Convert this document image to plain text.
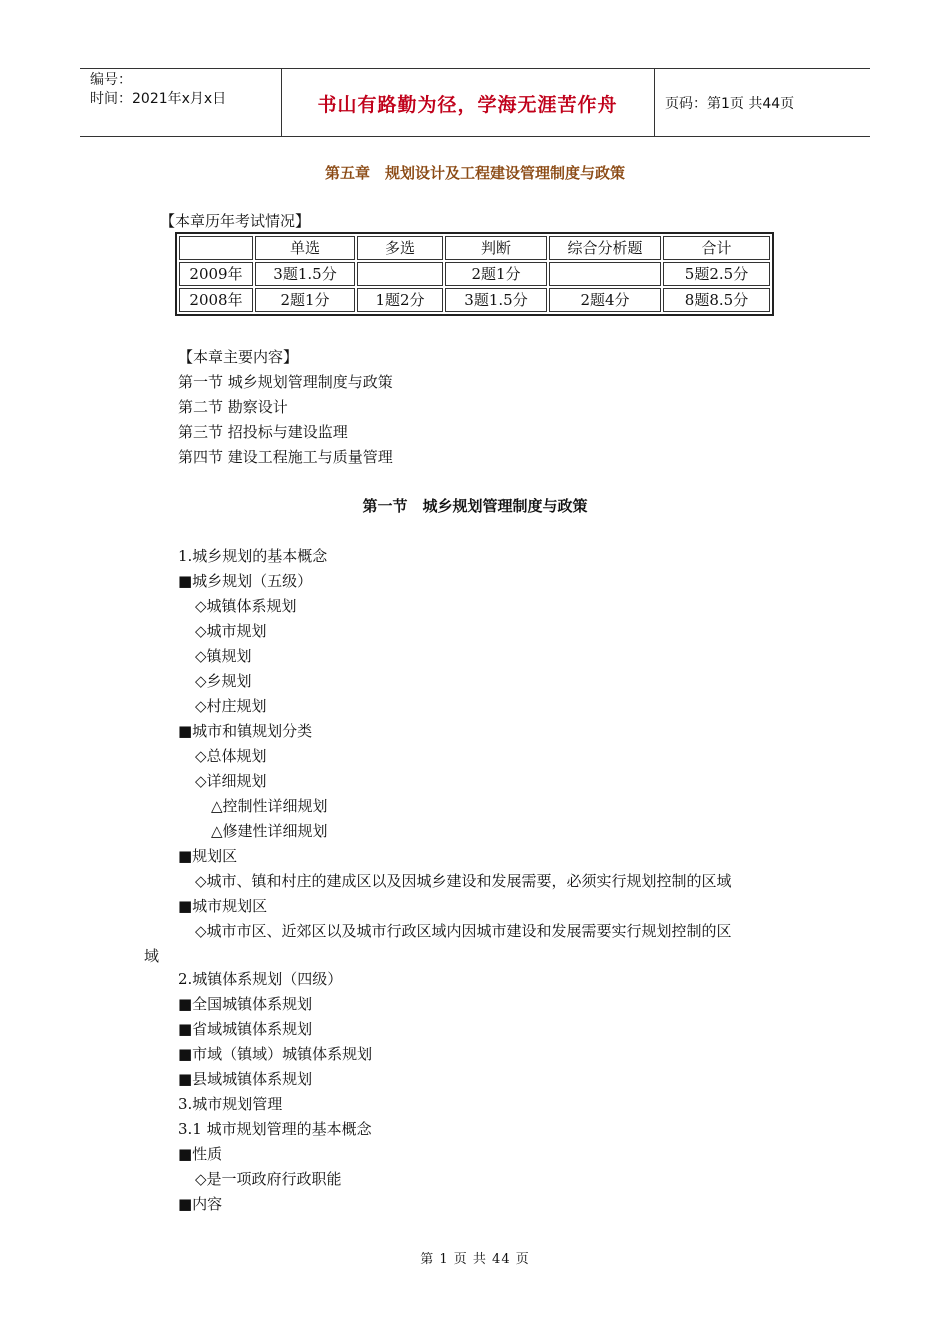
编号：
时间：2021年x月x日	书山有路勤为径，学海无涯苦作舟	页码：第1页 共44页
第五章　规划设计及工程建设管理制度与政策
【本章历年考试情况】
	单选	多选	判断	综合分析题	合计
2009年	3题1.5分		2题1分		5题2.5分
2008年	2题1分	1题2分	3题1.5分	2题4分	8题8.5分
【本章主要内容】
第一节 城乡规划管理制度与政策
第二节 勘察设计
第三节 招投标与建设监理
第四节 建设工程施工与质量管理
第一节　城乡规划管理制度与政策
1.城乡规划的基本概念
■城乡规划（五级）
◇城镇体系规划
◇城市规划
◇镇规划
◇乡规划
◇村庄规划
■城市和镇规划分类
◇总体规划
◇详细规划
△控制性详细规划
△修建性详细规划
■规划区
◇城市、镇和村庄的建成区以及因城乡建设和发展需要，必须实行规划控制的区域
■城市规划区
◇城市市区、近郊区以及城市行政区域内因城市建设和发展需要实行规划控制的区
域
2.城镇体系规划（四级）
■全国城镇体系规划
■省域城镇体系规划
■市域（镇域）城镇体系规划
■县域城镇体系规划
3.城市规划管理
3.1 城市规划管理的基本概念
■性质
◇是一项政府行政职能
■内容
第 1 页 共 44 页
